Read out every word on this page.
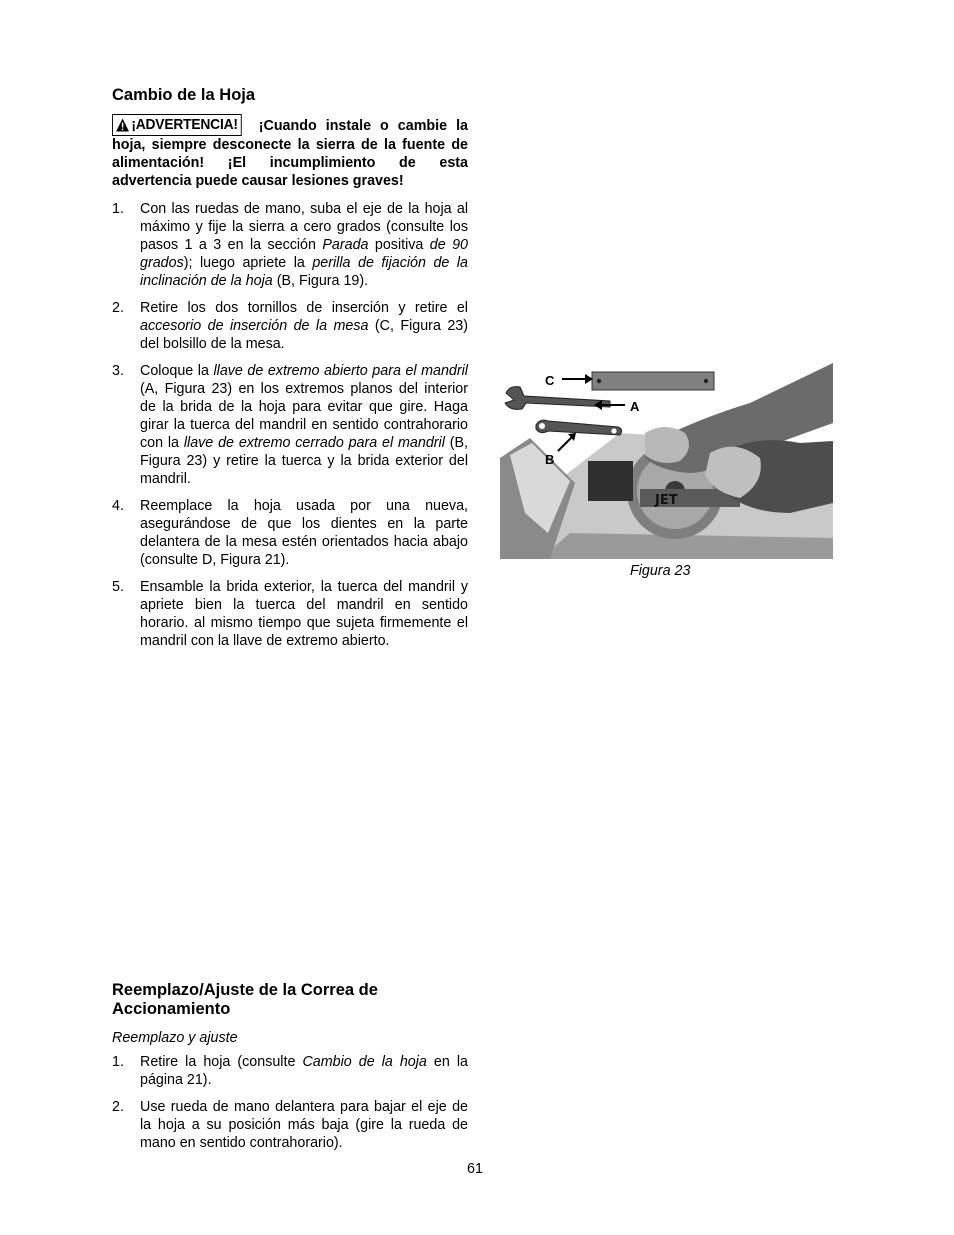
Cambio de la Hoja
¡ADVERTENCIA! ¡Cuando instale o cambie la hoja, siempre desconecte la sierra de la fuente de alimentación! ¡El incumplimiento de esta advertencia puede causar lesiones graves!
1.	Con las ruedas de mano, suba el eje de la hoja al máximo y fije la sierra a cero grados (consulte los pasos 1 a 3 en la sección Parada positiva de 90 grados); luego apriete la perilla de fijación de la inclinación de la hoja (B, Figura 19).
2.	Retire los dos tornillos de inserción y retire el accesorio de inserción de la mesa (C, Figura 23) del bolsillo de la mesa.
3.	Coloque la llave de extremo abierto para el mandril (A, Figura 23) en los extremos planos del interior de la brida de la hoja para evitar que gire. Haga girar la tuerca del mandril en sentido contrahorario con la llave de extremo cerrado para el mandril (B, Figura 23) y retire la tuerca y la brida exterior del mandril.
4.	Reemplace la hoja usada por una nueva, asegurándose de que los dientes en la parte delantera de la mesa estén orientados hacia abajo (consulte D, Figura 21).
5.	Ensamble la brida exterior, la tuerca del mandril y apriete bien la tuerca del mandril en sentido horario. al mismo tiempo que sujeta firmemente el mandril con la llave de extremo abierto.
JET
C
A
B
Figura 23
Reemplazo/Ajuste de la Correa de
Accionamiento
Reemplazo y ajuste
1.	Retire la hoja (consulte Cambio de la hoja en la página 21).
2.	Use rueda de mano delantera para bajar el eje de la hoja a su posición más baja (gire la rueda de mano en sentido contrahorario).
61
